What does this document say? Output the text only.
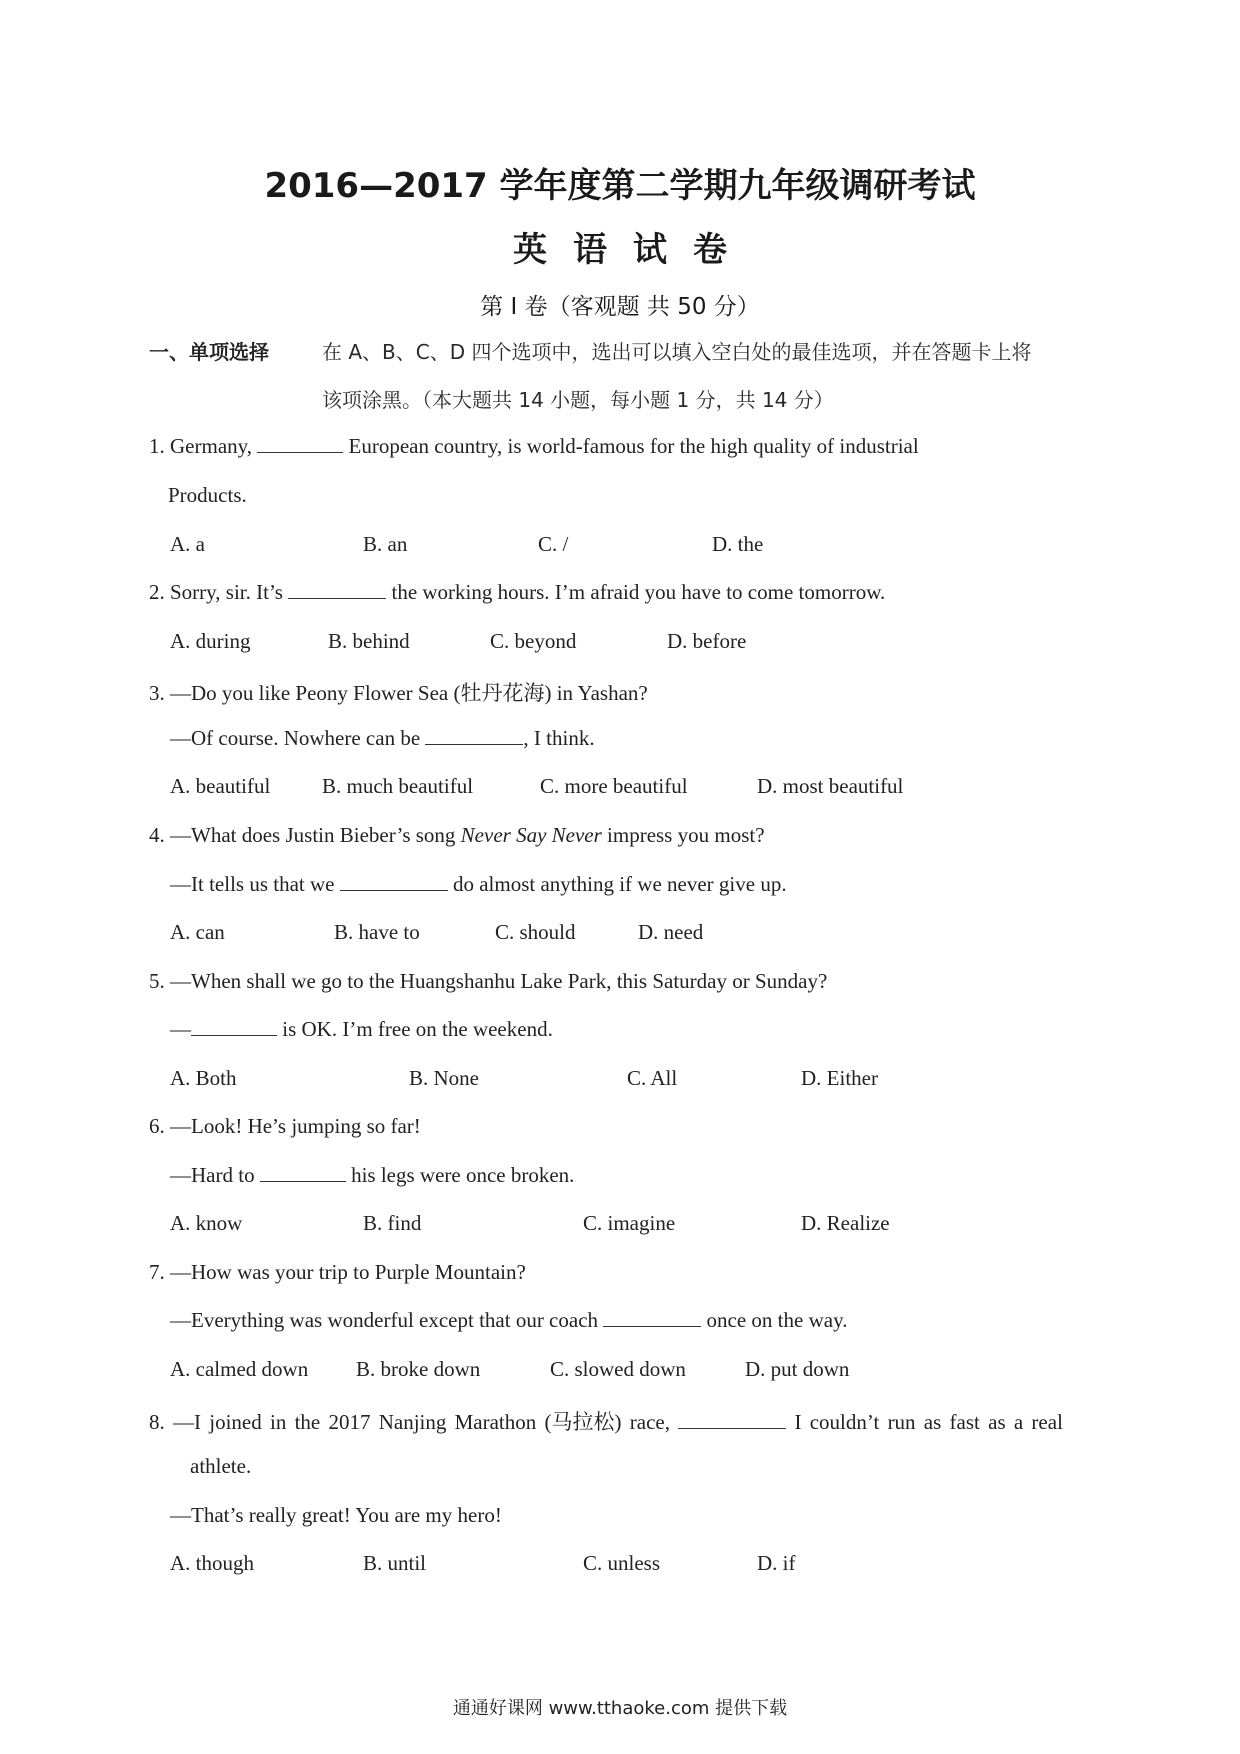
2016—2017 学年度第二学期九年级调研考试
英语试卷
第 I 卷（客观题 共 50 分）
一、单项选择	在 A、B、C、D 四个选项中，选出可以填入空白处的最佳选项，并在答题卡上将
该项涂黑。（本大题共 14 小题，每小题 1 分，共 14 分）
1. Germany,	European country, is world-famous for the high quality of industrial
Products.
A. a	B. an	C. /	D. the
2. Sorry, sir. It’s	the working hours. I’m afraid you have to come tomorrow.
A. during	B. behind	C. beyond	D. before
3. —Do you like Peony Flower Sea (牡丹花海) in Yashan?
—Of course. Nowhere can be	, I think.
A. beautiful B. much beautiful	C. more beautiful	D. most beautiful
4. —What does Justin Bieber’s song Never Say Never impress you most?
—It tells us that we	do almost anything if we never give up.
A. can	B. have to	C. should	D. need
5. —When shall we go to the Huangshanhu Lake Park, this Saturday or Sunday?
—	is OK. I’m free on the weekend.
A. Both	B. None	C. All	D. Either
6. —Look! He’s jumping so far!
—Hard to	his legs were once broken.
A. know	B. find	C. imagine	D. Realize
7. —How was your trip to Purple Mountain?
—Everything was wonderful except that our coach	once on the way.
A. calmed down B. broke down	C. slowed down	D. put down
8. —I joined in the 2017 Nanjing Marathon (马拉松) race,	I couldn’t run as fast as a real
athlete.
—That’s really great! You are my hero!
A. though	B. until	C. unless	D. if
通通好课网 www.tthaoke.com 提供下载
